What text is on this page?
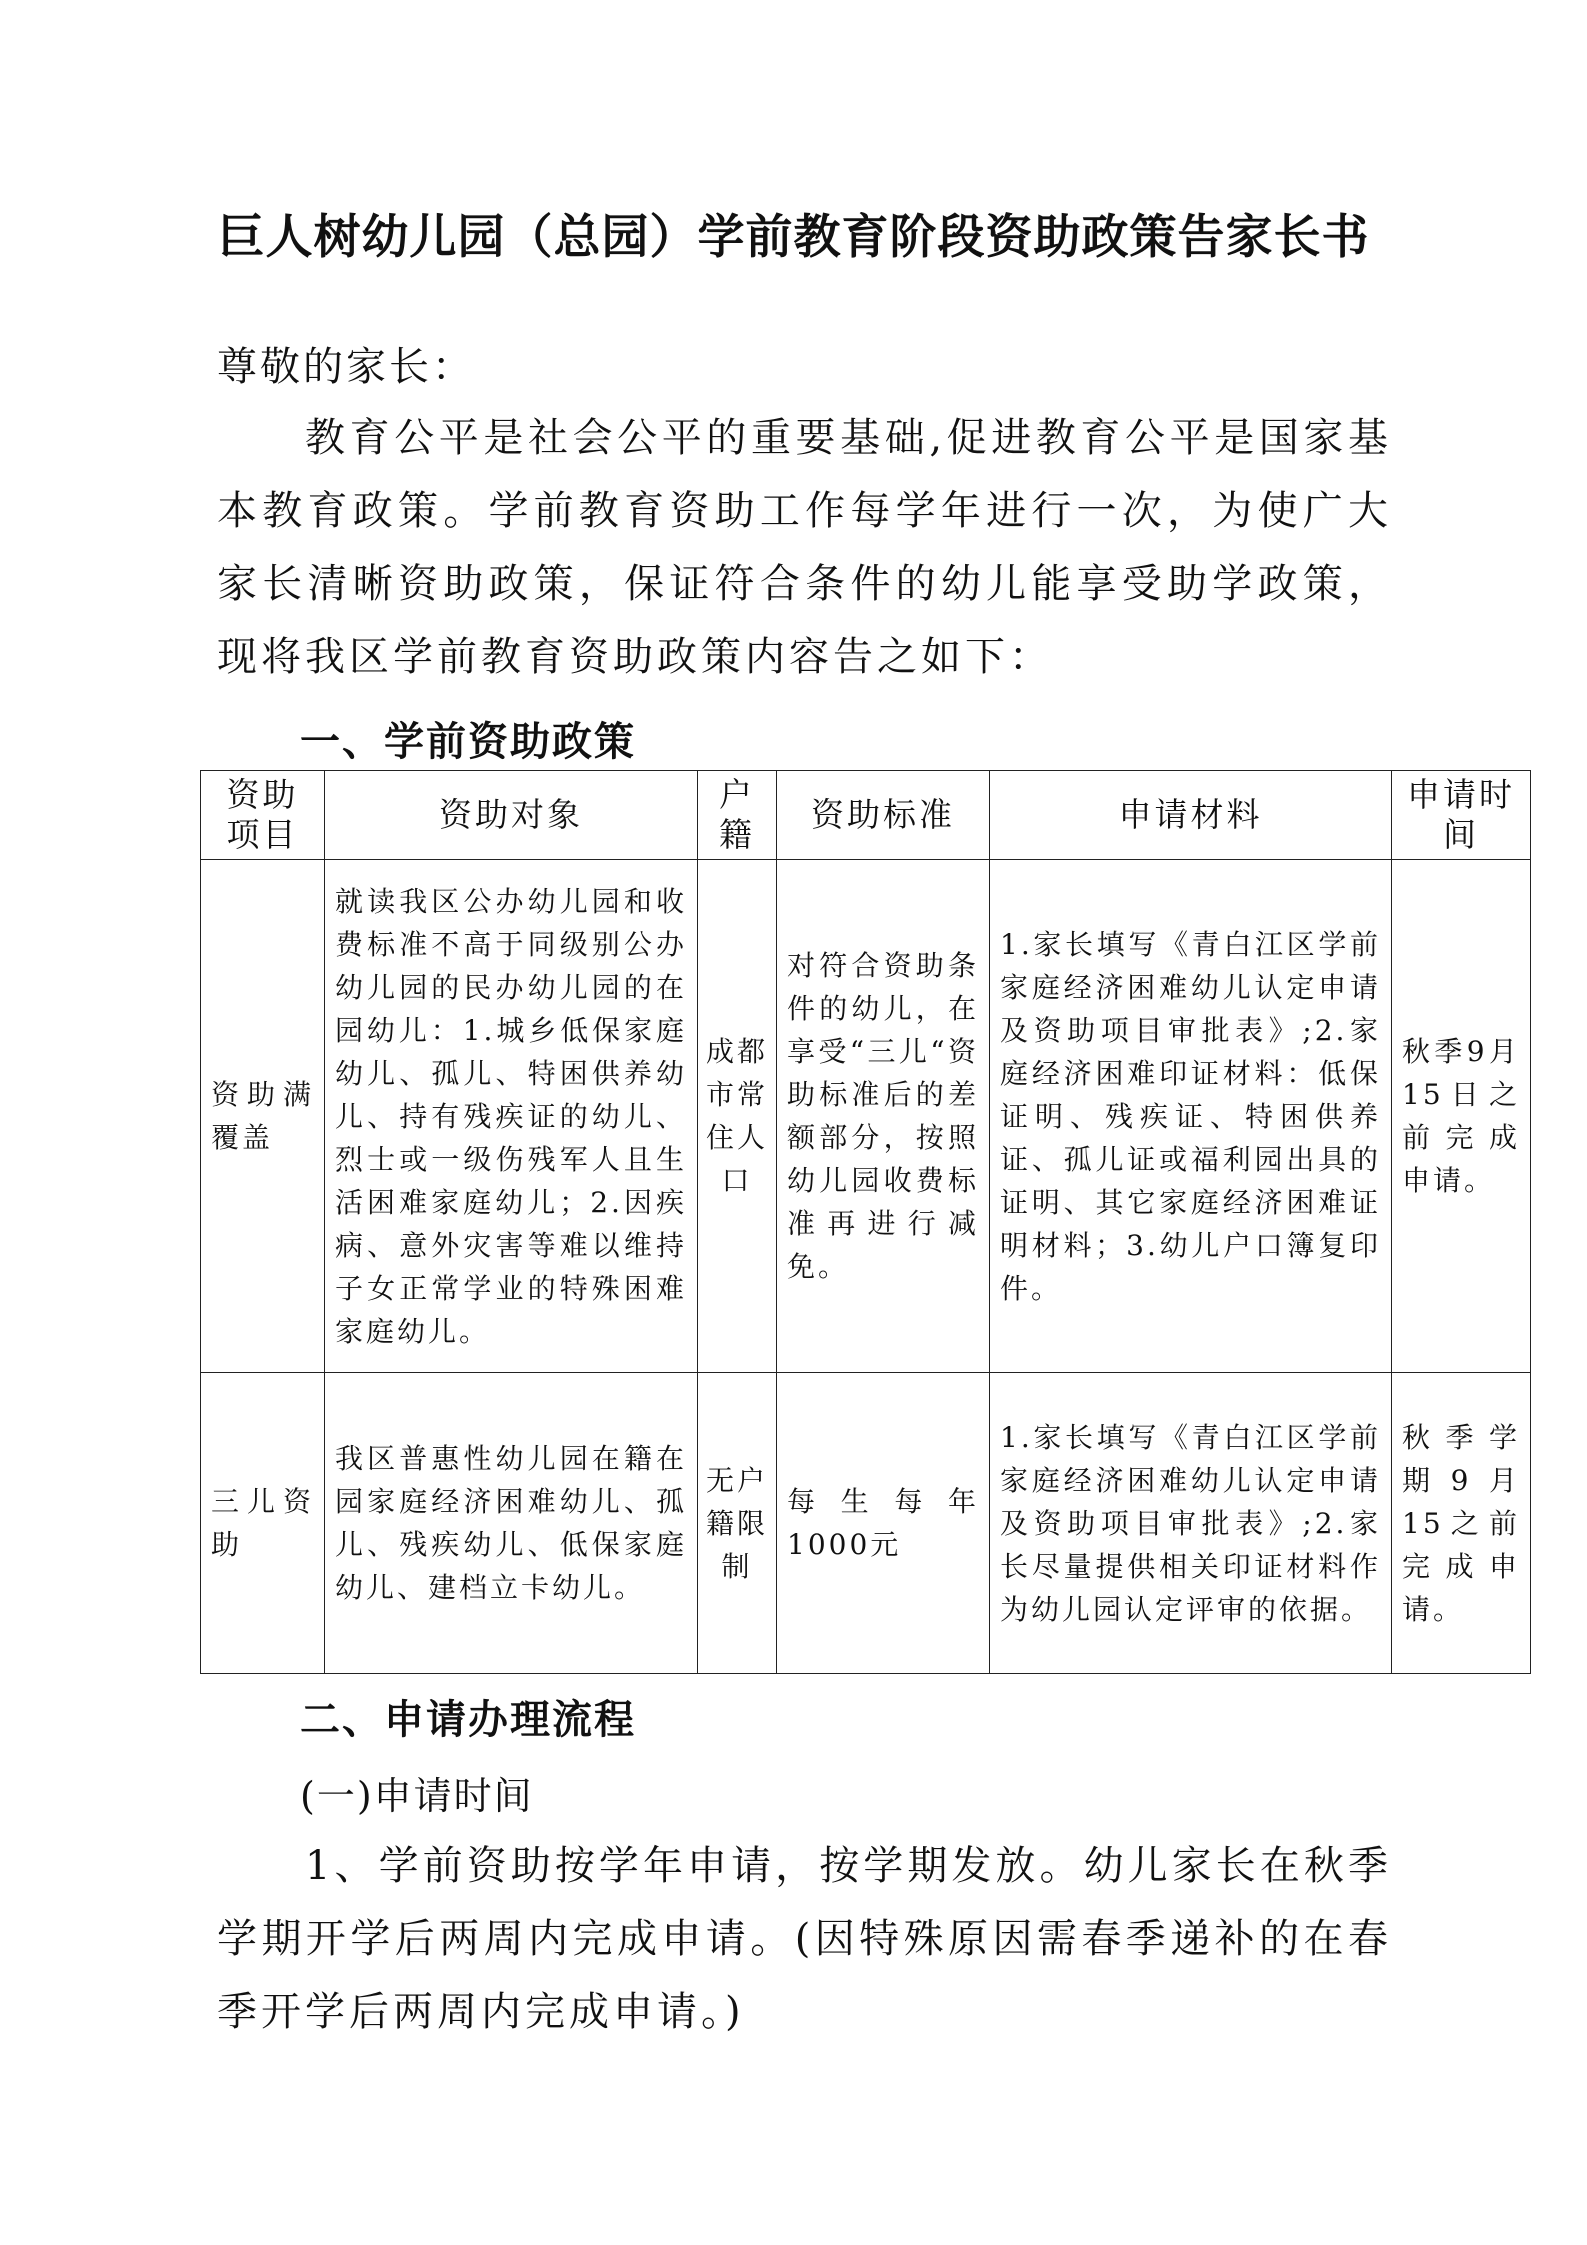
巨人树幼儿园（总园）学前教育阶段资助政策告家长书
尊敬的家长：
教育公平是社会公平的重要基础,促进教育公平是国家基本教育政策。学前教育资助工作每学年进行一次，为使广大家长清晰资助政策，保证符合条件的幼儿能享受助学政策，现将我区学前教育资助政策内容告之如下：
一、学前资助政策
资助项目	资助对象	户籍	资助标准	申请材料	申请时间
资助满覆盖	就读我区公办幼儿园和收费标准不高于同级别公办幼儿园的民办幼儿园的在园幼儿：1.城乡低保家庭幼儿、孤儿、特困供养幼儿、持有残疾证的幼儿、烈士或一级伤残军人且生活困难家庭幼儿；2.因疾病、意外灾害等难以维持子女正常学业的特殊困难家庭幼儿。	成都市常住人口	对符合资助条件的幼儿，在享受“三儿“资助标准后的差额部分，按照幼儿园收费标准再进行减免。	1.家长填写《青白江区学前家庭经济困难幼儿认定申请及资助项目审批表》;2.家庭经济困难印证材料：低保证明、残疾证、特困供养证、孤儿证或福利园出具的证明、其它家庭经济困难证明材料；3.幼儿户口簿复印件。	秋季9月15日之前完成申请。
三儿资助	我区普惠性幼儿园在籍在园家庭经济困难幼儿、孤儿、残疾幼儿、低保家庭幼儿、建档立卡幼儿。	无户籍限制	每生每年1000元	1.家长填写《青白江区学前家庭经济困难幼儿认定申请及资助项目审批表》;2.家长尽量提供相关印证材料作为幼儿园认定评审的依据。	秋季学期9月15之前完成申请。
二、申请办理流程
(一)申请时间
1、学前资助按学年申请，按学期发放。幼儿家长在秋季学期开学后两周内完成申请。(因特殊原因需春季递补的在春季开学后两周内完成申请。)
